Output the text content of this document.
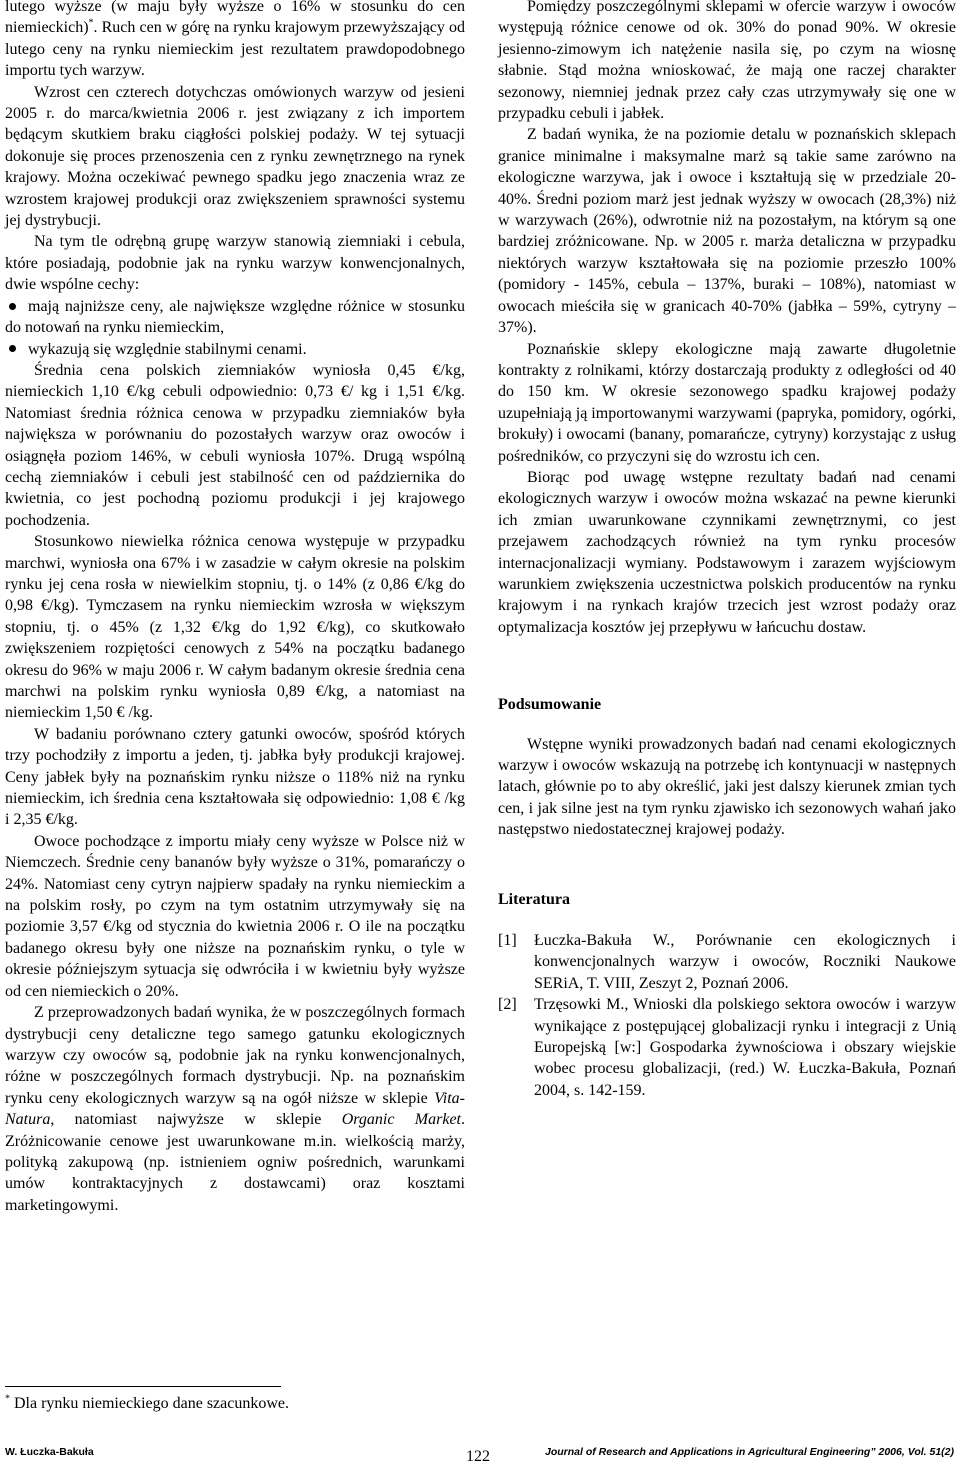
lutego wyższe (w maju były wyższe o 16% w stosunku do cen niemieckich)*. Ruch cen w górę na rynku krajowym przewyższający od lutego ceny na rynku niemieckim jest rezultatem prawdopodobnego importu tych warzyw.

Wzrost cen czterech dotychczas omówionych warzyw od jesieni 2005 r. do marca/kwietnia 2006 r. jest związany z ich importem będącym skutkiem braku ciągłości polskiej podaży. W tej sytuacji dokonuje się proces przenoszenia cen z rynku zewnętrznego na rynek krajowy. Można oczekiwać pewnego spadku jego znaczenia wraz ze wzrostem krajowej produkcji oraz zwiększeniem sprawności systemu jej dystrybucji.

Na tym tle odrębną grupę warzyw stanowią ziemniaki i cebula, które posiadają, podobnie jak na rynku warzyw konwencjonalnych, dwie wspólne cechy:

mają najniższe ceny, ale największe względne różnice w stosunku do notowań na rynku niemieckim,
wykazują się względnie stabilnymi cenami.

Średnia cena polskich ziemniaków wyniosła 0,45 €/kg, niemieckich 1,10 €/kg cebuli odpowiednio: 0,73 €/ kg i 1,51 €/kg. Natomiast średnia różnica cenowa w przypadku ziemniaków była największa w porównaniu do pozostałych warzyw oraz owoców i osiągnęła poziom 146%, w cebuli wyniosła 107%. Drugą wspólną cechą ziemniaków i cebuli jest stabilność cen od października do kwietnia, co jest pochodną poziomu produkcji i jej krajowego pochodzenia.

Stosunkowo niewielka różnica cenowa występuje w przypadku marchwi, wyniosła ona 67% i w zasadzie w całym okresie na polskim rynku jej cena rosła w niewielkim stopniu, tj. o 14% (z 0,86 €/kg do 0,98 €/kg). Tymczasem na rynku niemieckim wzrosła w większym stopniu, tj. o 45% (z 1,32 €/kg do 1,92 €/kg), co skutkowało zwiększeniem rozpiętości cenowych z 54% na początku badanego okresu do 96% w maju 2006 r. W całym badanym okresie średnia cena marchwi na polskim rynku wyniosła 0,89 €/kg, a natomiast na niemieckim 1,50 € /kg.

W badaniu porównano cztery gatunki owoców, spośród których trzy pochodziły z importu a jeden, tj. jabłka były produkcji krajowej. Ceny jabłek były na poznańskim rynku niższe o 118% niż na rynku niemieckim, ich średnia cena kształtowała się odpowiednio: 1,08 € /kg i 2,35 €/kg.

Owoce pochodzące z importu miały ceny wyższe w Polsce niż w Niemczech. Średnie ceny bananów były wyższe o 31%, pomarańczy o 24%. Natomiast ceny cytryn najpierw spadały na rynku niemieckim a na polskim rosły, po czym na tym ostatnim utrzymywały się na poziomie 3,57 €/kg od stycznia do kwietnia 2006 r. O ile na początku badanego okresu były one niższe na poznańskim rynku, o tyle w okresie późniejszym sytuacja się odwróciła i w kwietniu były wyższe od cen niemieckich o 20%.

Z przeprowadzonych badań wynika, że w poszczególnych formach dystrybucji ceny detaliczne tego samego gatunku ekologicznych warzyw czy owoców są, podobnie jak na rynku konwencjonalnych, różne w poszczególnych formach dystrybucji. Np. na poznańskim rynku ceny ekologicznych warzyw są na ogół niższe w sklepie Vita-Natura, natomiast najwyższe w sklepie Organic Market. Zróżnicowanie cenowe jest uwarunkowane m.in. wielkością marży, polityką zakupową (np. istnieniem ogniw pośrednich, warunkami umów kontraktacyjnych z dostawcami) oraz kosztami marketingowymi.

Pomiędzy poszczególnymi sklepami w ofercie warzyw i owoców występują różnice cenowe od ok. 30% do ponad 90%. W okresie jesienno-zimowym ich natężenie nasila się, po czym na wiosnę słabnie. Stąd można wnioskować, że mają one raczej charakter sezonowy, niemniej jednak przez cały czas utrzymywały się one w przypadku cebuli i jabłek.

Z badań wynika, że na poziomie detalu w poznańskich sklepach granice minimalne i maksymalne marż są takie same zarówno na ekologiczne warzywa, jak i owoce i kształtują się w przedziale 20-40%. Średni poziom marż jest jednak wyższy w owocach (28,3%) niż w warzywach (26%), odwrotnie niż na pozostałym, na którym są one bardziej zróżnicowane. Np. w 2005 r. marża detaliczna w przypadku niektórych warzyw kształtowała się na poziomie przeszło 100% (pomidory - 145%, cebula – 137%, buraki – 108%), natomiast w owocach mieściła się w granicach 40-70% (jabłka – 59%, cytryny – 37%).

Poznańskie sklepy ekologiczne mają zawarte długoletnie kontrakty z rolnikami, którzy dostarczają produkty z odległości od 40 do 150 km. W okresie sezonowego spadku krajowej podaży uzupełniają ją importowanymi warzywami (papryka, pomidory, ogórki, brokuły) i owocami (banany, pomarańcze, cytryny) korzystając z usług pośredników, co przyczyni się do wzrostu ich cen.

Biorąc pod uwagę wstępne rezultaty badań nad cenami ekologicznych warzyw i owoców można wskazać na pewne kierunki ich zmian uwarunkowane czynnikami zewnętrznymi, co jest przejawem zachodzących również na tym rynku procesów internacjonalizacji wymiany. Podstawowym i zarazem wyjściowym warunkiem zwiększenia uczestnictwa polskich producentów na rynku krajowym i na rynkach krajów trzecich jest wzrost podaży oraz optymalizacja kosztów jej przepływu w łańcuchu dostaw.

Podsumowanie

Wstępne wyniki prowadzonych badań nad cenami ekologicznych warzyw i owoców wskazują na potrzebę ich kontynuacji w następnych latach, głównie po to aby określić, jaki jest dalszy kierunek zmian tych cen, i jak silne jest na tym rynku zjawisko ich sezonowych wahań jako następstwo niedostatecznej krajowej podaży.

Literatura

[1]	Łuczka-Bakuła W., Porównanie cen ekologicznych i konwencjonalnych warzyw i owoców, Roczniki Naukowe SERiA, T. VIII, Zeszyt 2, Poznań 2006.
[2]	Trzęsowki M., Wnioski dla polskiego sektora owoców i warzyw wynikające z postępującej globalizacji rynku i integracji z Unią Europejską [w:] Gospodarka żywnościowa i obszary wiejskie wobec procesu globalizacji, (red.) W. Łuczka-Bakuła, Poznań 2004, s. 142-159.
* Dla rynku niemieckiego dane szacunkowe.
W. Łuczka-Bakuła	122	Journal of Research and Applications in Agricultural Engineering” 2006, Vol. 51(2)
